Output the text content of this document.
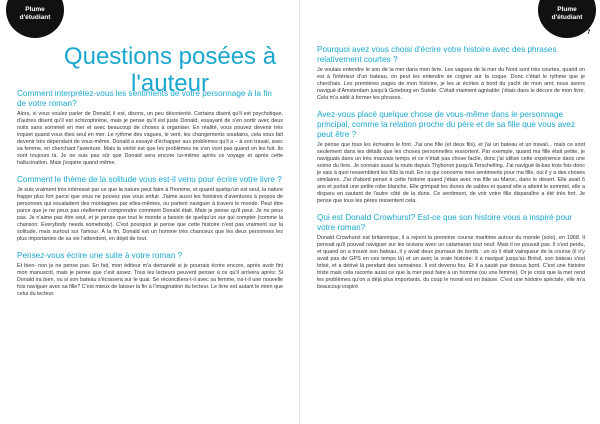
Plume
d'étudiant
6
Questions posées à l'auteur
Comment interprétez-vous les sentiments de votre personnage à la fin de votre roman?

Alors, si vous voulez parler de Donald, il est, disons, un peu désorienté. Certains disent qu'il est psychotique, d'autres disent qu'il est schizophrène, mais je pense qu'il est juste Donald, essayant de s'en sortir avec deux nuits sans sommeil en mer et avec beaucoup de choses à organiser. En réalité, vous pouvez devenir très inquiet quand vous êtes seul en mer. Le rythme des vagues, le vent, les changements soudains, cela vous fait devenir très dépendant de vous-même. Donald a essayé d'échapper aux problèmes qu'il a – à son travail, avec sa femme, en cherchant l'aventure. Mais la vérité est que les problèmes ne s'en vont pas quand on les fuit. Ils sont toujours là. Je ne suis pas sûr que Donald sera encore lui-même après ce voyage et après cette hallucination. Mais j'espère quand même.

Comment le thème de la solitude vous est-il venu pour écrire votre livre ?

Je suis vraiment très intéressé par ce que la nature peut faire à l'homme, et quand quelqu'un est seul, la nature frappe plus fort parce que vous ne pouvez pas vous enfuir. J'aime aussi les histoires d'aventures à propos de personnes qui escaladent des montagnes par elles-mêmes, ou partent naviguer à travers le monde. Peut être parce que je ne peux pas réellement comprendre comment Donald était. Mais je pense qu'il peut. Je ne peux pas. Je n'aime pas être seul, et je pense que tout le monde a besoin de quelqu'un sur qui compter (comme la chanson: Everybody needs somebody). C'est pourquoi je pense que cette histoire n'est pas vraiment sur la solitude, mais surtout sur l'amour. À la fin, Donald est un homme très chanceux que les deux personnes les plus importantes de sa vie l'attendent, en dépit de tout.

Pensez-vous écrire une suite à votre roman ?

Et bien- non je ne pense pas. En fait, mon éditeur m'a demandé si je pourrais écrire encore, après avoir fini mon manuscrit, mais je pense que c'est assez. Tous les lecteurs peuvent penser à ce qu'il arrivera après: Si Donald ira bien, ou si son bateau s'écrasera sur le quai. Se réconciliera-t-il avec sa femme, ira-t-il une nouvelle fois naviguer avec sa fille? C'est mieux de laisser la fin à l'imagination du lecteur. Le livre est autant le mien que celui du lecteur.

Plume
d'étudiant
7
Pourquoi avez vous choisi d'écrire votre histoire avec des phrases relativement courtes ?

Je voulais entendre le son de la mer dans mon livre. Les vagues de la mer du Nord sont très courtes, quand on est à l'intérieur d'un bateau, on peut les entendre se cogner sur la coque. Donc c'était le rythme que je cherchais. Les premières pages de mon histoire, je les ai écrites à bord du yacht de mon ami; nous avons navigué d'Amsterdam jusqu'à Goteborg en Suède. C'était vraiment agréable: j'étais dans le décors de mon livre. Cela m'a aidé à former les phrases.

Avez-vous placé quelque chose de vous-même dans le personnage principal, comme la relation proche du père et de sa fille que vous avez peut être ?

Je pense que tous les écrivains le font. J'ai une fille (et deux fils), et j'ai un bateau et un travail... mais ce sont seulement dans les détails que les choses personnelles ressortent. Par exemple, quand ma fille était petite, je naviguais dans un très mauvais temps et ce n'était pas chose facile, donc j'ai utilisé cette expérience dans une scène du livre. Je connais aussi la route depuis Thyboron jusqu'à Terschelling. J'ai navigué là-bas trois fois donc je sais à quoi ressemblent les fûts la nuit. En ce qui concerne mes sentiments pour ma fille, oui il y a des choses similaires. J'ai d'abord pensé à cette histoire quand j'étais avec ma fille au Maroc, dans le désert. Elle avait 6 ans et portait une petite robe blanche. Elle grimpait les dunes de sables et quand elle a atteint le sommet, elle a disparu en sautant de l'autre côté de la dune. Ce sentiment, de voir votre fille disparaître a été très fort. Je pense que tous les pères ressentent cela.

Qui est Donald Crowhurst? Est-ce que son histoire vous a inspiré pour votre roman?

Donald Crowhurst est britannique, il a rejoint la première course maritime autour du monde (solo), en 1968. Il pensait qu'il pouvait naviguer sur les océans avec un catamaran tout neuf. Mais il ne pouvait pas. Il s'est perdu, et quand on a trouvé son bateau, il y avait deux journaux de bords : un où il était vainqueur de la course (il n'y avait pas de GPS en ces temps là) et un avec la vraie histoire: il a navigué jusqu'au Brésil, son bateau s'est brisé, et a dérivé là pendant des semaines. Il est devenu fou. Et il a sauté par dessus bord. C'est une histoire triste mais cela raconte aussi ce que la mer peut faire à un homme (ou une femme). Or je crois que la mer rend les problèmes qu'on a déjà plus importants, du coup le moral est en baisse. C'est une histoire spéciale, elle m'a beaucoup inspiré.
